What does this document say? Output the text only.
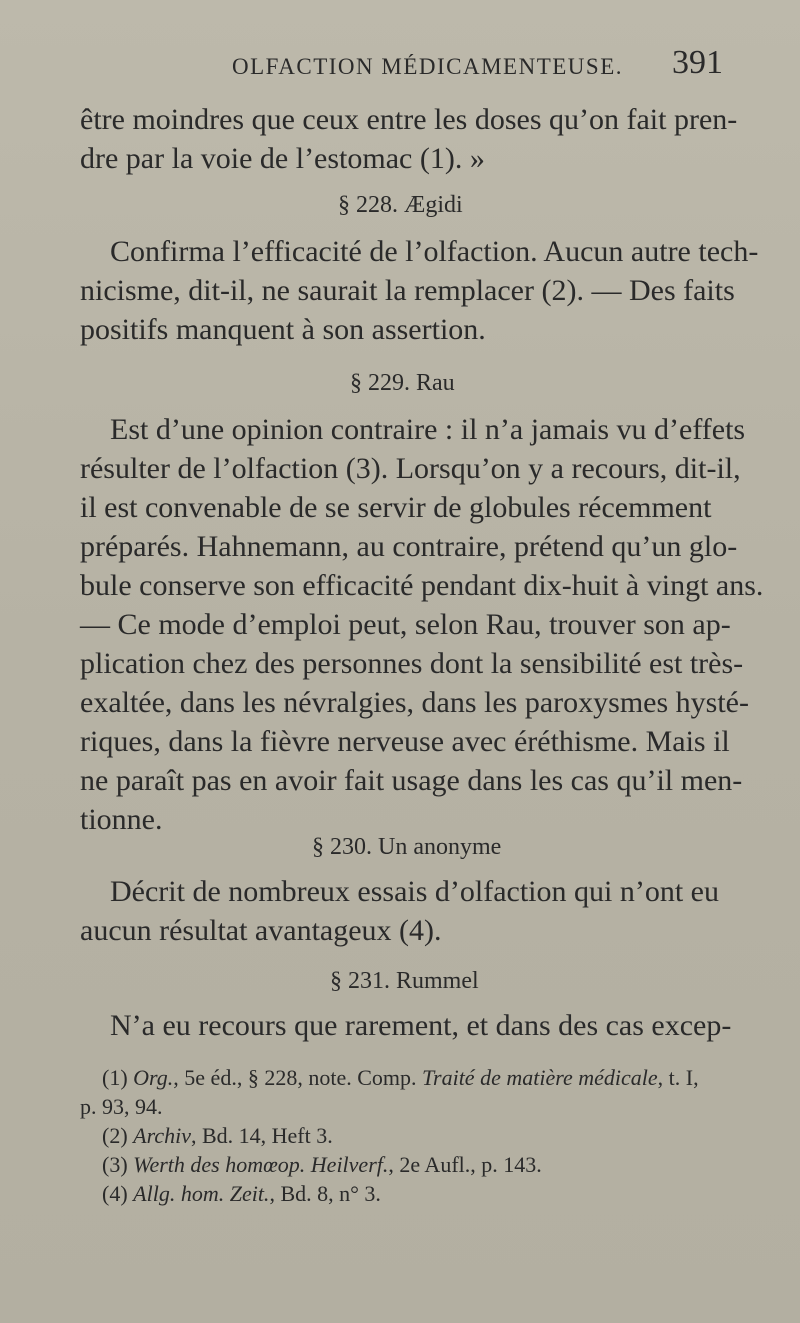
OLFACTION MÉDICAMENTEUSE. 391
être moindres que ceux entre les doses qu’on fait pren-
dre par la voie de l’estomac (1). »
§ 228. Ægidi
Confirma l’efficacité de l’olfaction. Aucun autre tech-
nicisme, dit-il, ne saurait la remplacer (2). — Des faits
positifs manquent à son assertion.
§ 229. Rau
Est d’une opinion contraire : il n’a jamais vu d’effets
résulter de l’olfaction (3). Lorsqu’on y a recours, dit-il,
il est convenable de se servir de globules récemment
préparés. Hahnemann, au contraire, prétend qu’un glo-
bule conserve son efficacité pendant dix-huit à vingt ans.
— Ce mode d’emploi peut, selon Rau, trouver son ap-
plication chez des personnes dont la sensibilité est très-
exaltée, dans les névralgies, dans les paroxysmes hysté-
riques, dans la fièvre nerveuse avec éréthisme. Mais il
ne paraît pas en avoir fait usage dans les cas qu’il men-
tionne.
§ 230. Un anonyme
Décrit de nombreux essais d’olfaction qui n’ont eu
aucun résultat avantageux (4).
§ 231. Rummel
N’a eu recours que rarement, et dans des cas excep-
(1) Org., 5e éd., § 228, note. Comp. Traité de matière médicale, t. I,
p. 93, 94.
(2) Archiv, Bd. 14, Heft 3.
(3) Werth des homœop. Heilverf., 2e Aufl., p. 143.
(4) Allg. hom. Zeit., Bd. 8, n° 3.
